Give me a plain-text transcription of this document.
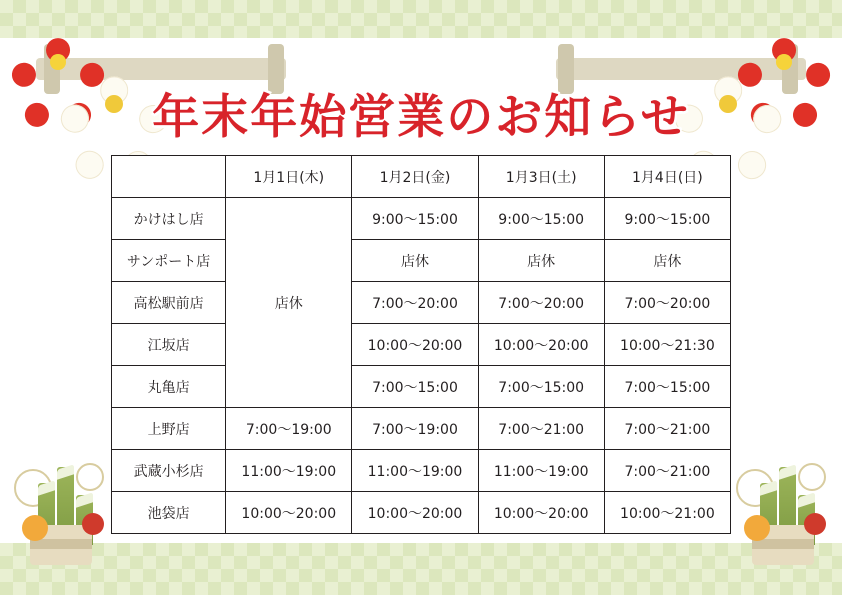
年末年始営業のお知らせ
	1月1日(木)	1月2日(金)	1月3日(土)	1月4日(日)
かけはし店	店休	9:00〜15:00	9:00〜15:00	9:00〜15:00
サンポート店		店休	店休	店休
高松駅前店		7:00〜20:00	7:00〜20:00	7:00〜20:00
江坂店		10:00〜20:00	10:00〜20:00	10:00〜21:30
丸亀店		7:00〜15:00	7:00〜15:00	7:00〜15:00
上野店	7:00〜19:00	7:00〜19:00	7:00〜21:00	7:00〜21:00
武蔵小杉店	11:00〜19:00	11:00〜19:00	11:00〜19:00	7:00〜21:00
池袋店	10:00〜20:00	10:00〜20:00	10:00〜20:00	10:00〜21:00
